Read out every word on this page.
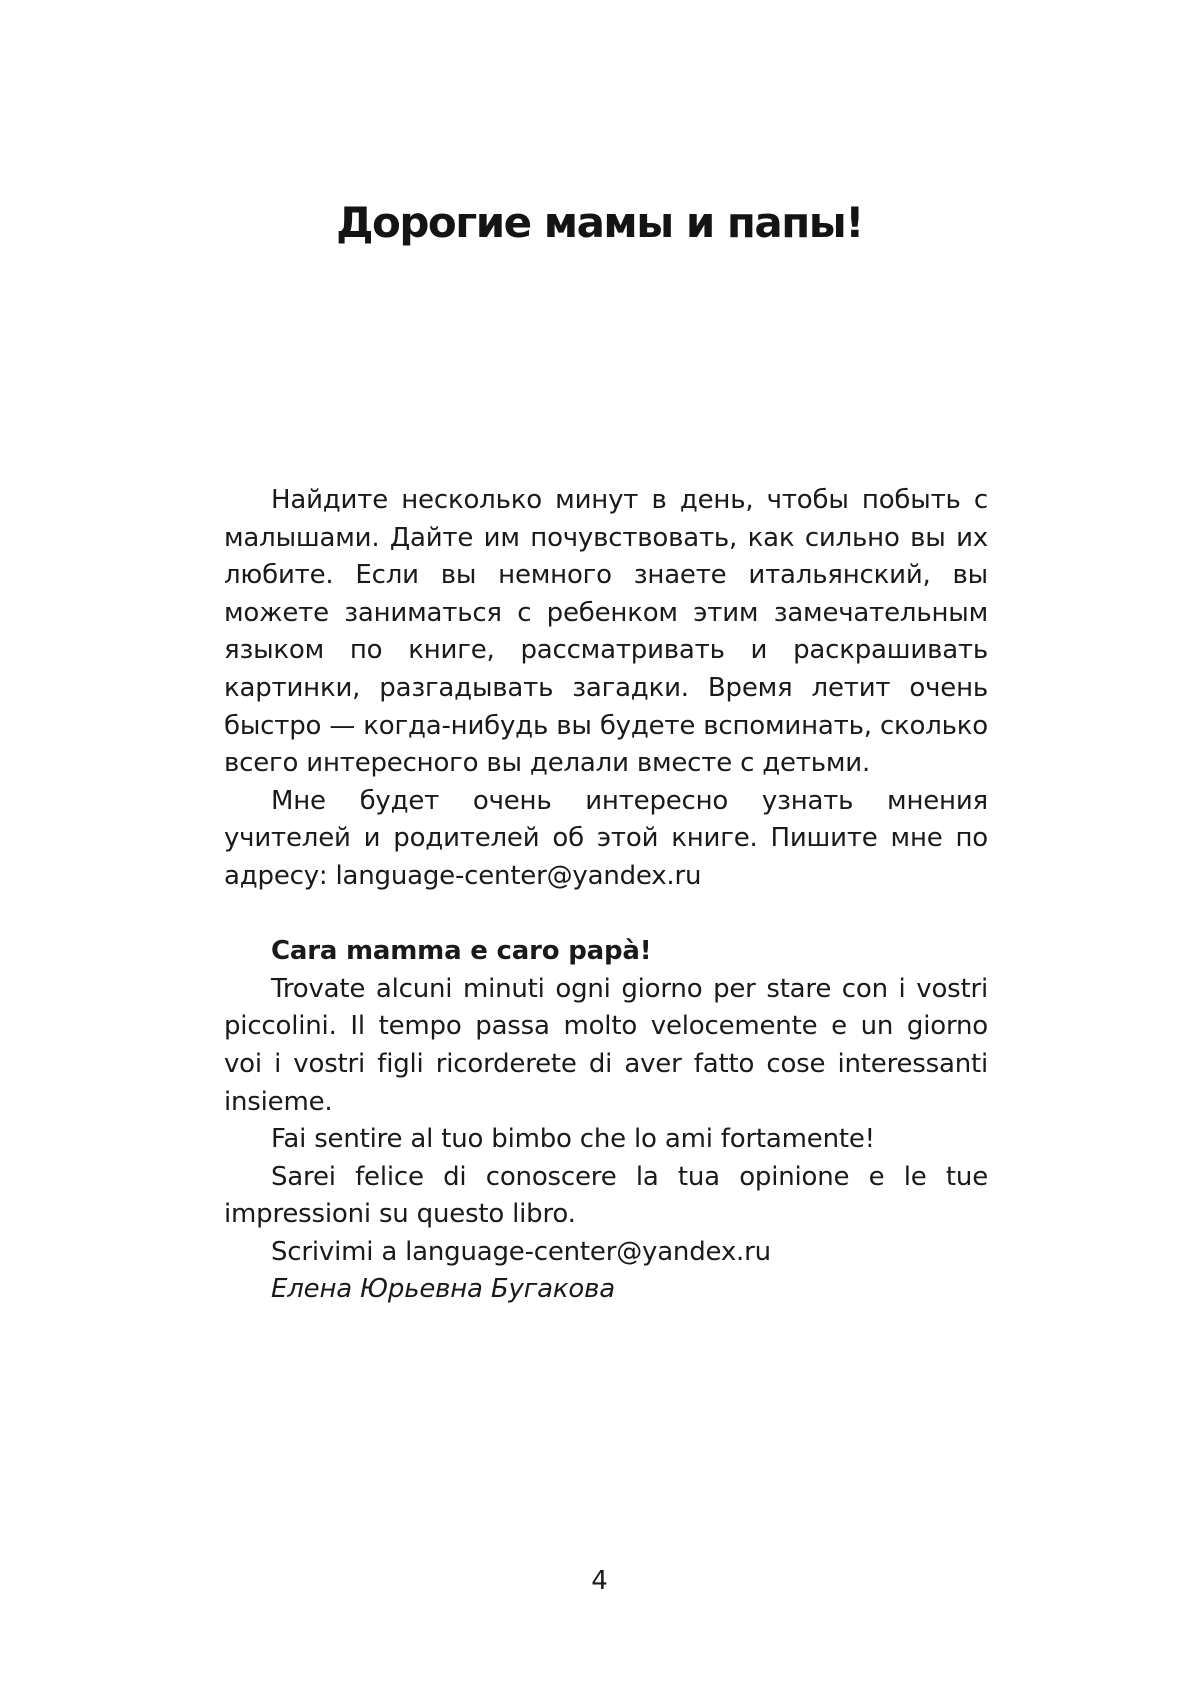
Дорогие мамы и папы!

Найдите несколько минут в день, чтобы побыть с малышами. Дайте им почувствовать, как сильно вы их любите. Если вы немного знаете итальянский, вы можете заниматься с ребенком этим замечательным языком по книге, рассматривать и раскрашивать картинки, разгадывать загадки. Время летит очень быстро — когда-нибудь вы будете вспоминать, сколько всего интересного вы делали вместе с детьми.

Мне будет очень интересно узнать мнения учителей и родителей об этой книге. Пишите мне по адресу: language-center@yandex.ru

Cara mamma e caro papà!

Trovate alcuni minuti ogni giorno per stare con i vostri piccolini. Il tempo passa molto velocemente e un giorno voi i vostri figli ricorderete di aver fatto cose interessanti insieme.

Fai sentire al tuo bimbo che lo ami fortamente!

Sarei felice di conoscere la tua opinione e le tue impressioni su questo libro.

Scrivimi a language-center@yandex.ru

Елена Юрьевна Бугакова

4
